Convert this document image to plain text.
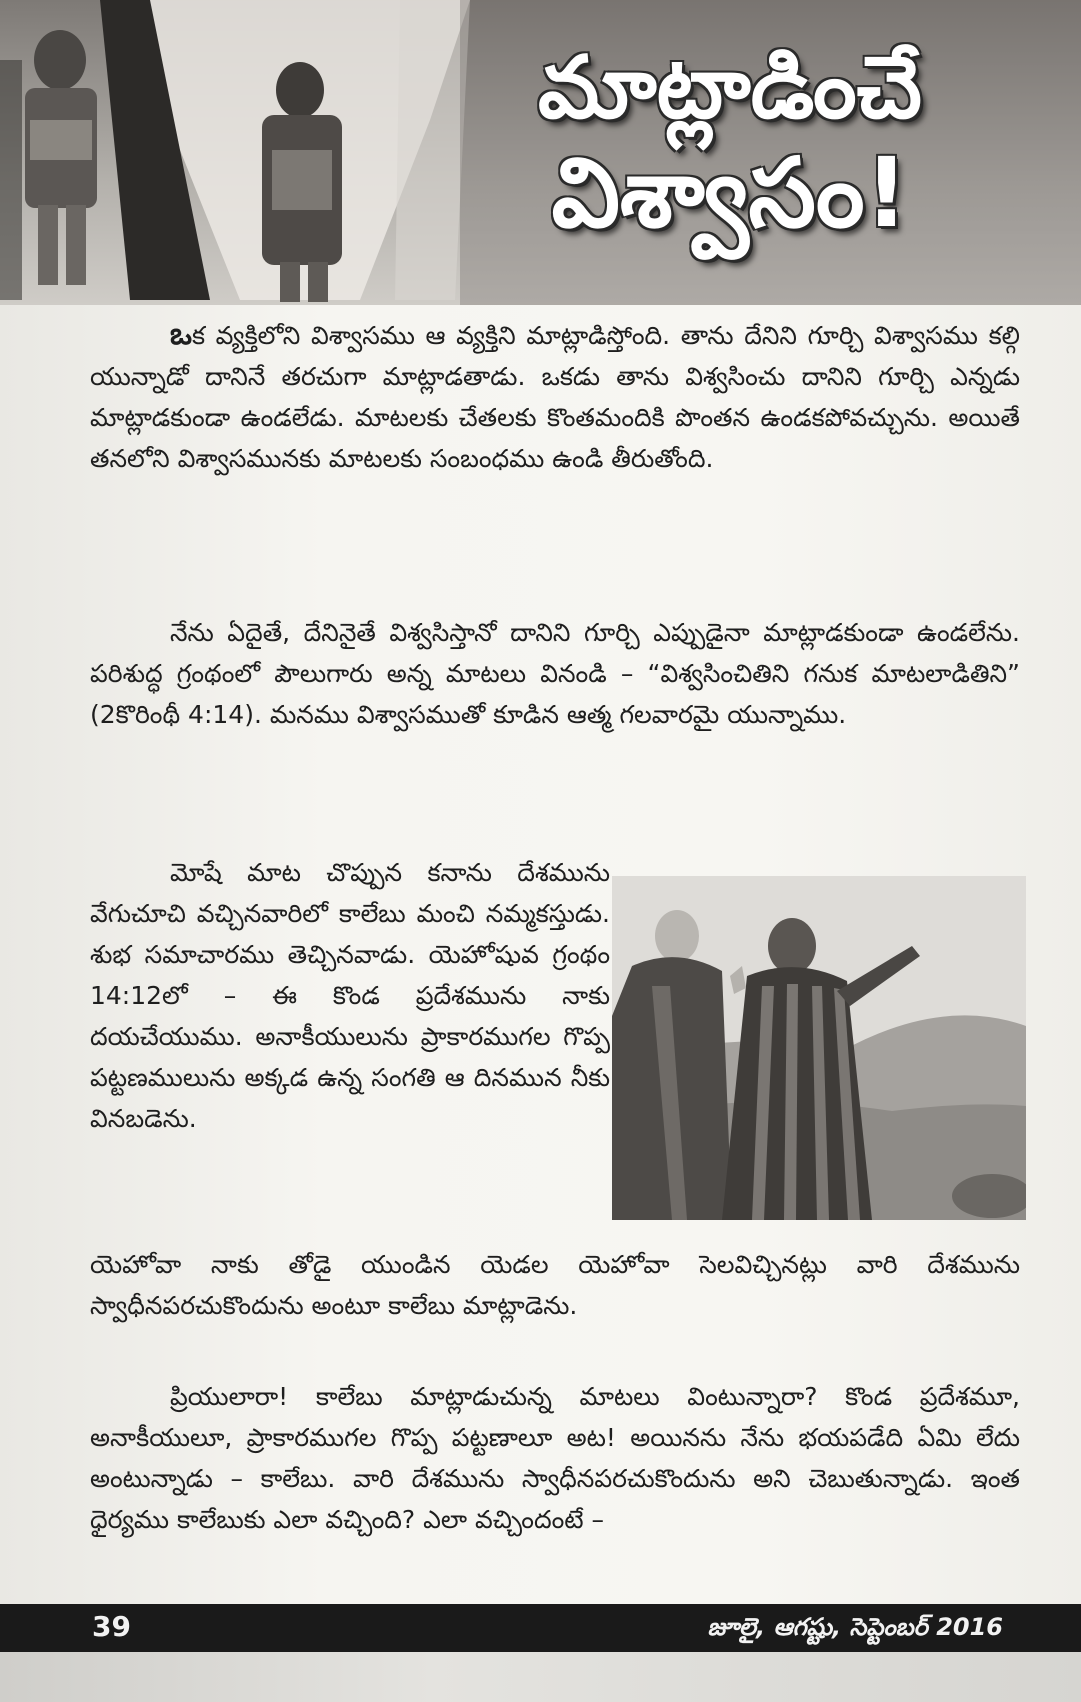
మాట్లాడించే
విశ్వాసం!

ఒక వ్యక్తిలోని విశ్వాసము ఆ వ్యక్తిని మాట్లాడిస్తోంది. తాను దేనిని గూర్చి విశ్వాసము కల్గి యున్నాడో దానినే తరచుగా మాట్లాడతాడు. ఒకడు తాను విశ్వసించు దానిని గూర్చి ఎన్నడు మాట్లాడకుండా ఉండలేడు. మాటలకు చేతలకు కొంతమందికి పొంతన ఉండకపోవచ్చును. అయితే తనలోని విశ్వాసమునకు మాటలకు సంబంధము ఉండి తీరుతోంది.

నేను ఏదైతే, దేనినైతే విశ్వసిస్తానో దానిని గూర్చి ఎప్పుడైనా మాట్లాడకుండా ఉండలేను. పరిశుద్ధ గ్రంథంలో పౌలుగారు అన్న మాటలు వినండి – “విశ్వసించితిని గనుక మాటలాడితిని” (2కొరింథీ 4:14). మనము విశ్వాసముతో కూడిన ఆత్మ గలవారమై యున్నాము.

మోషే మాట చొప్పున కనాను దేశమును వేగుచూచి వచ్చినవారిలో కాలేబు మంచి నమ్మకస్తుడు. శుభ సమాచారము తెచ్చినవాడు. యెహోషువ గ్రంథం 14:12లో – ఈ కొండ ప్రదేశమును నాకు దయచేయుము. అనాకీయులును ప్రాకారముగల గొప్ప పట్టణములును అక్కడ ఉన్న సంగతి ఆ దినమున నీకు వినబడెను.

యెహోవా నాకు తోడై యుండిన యెడల యెహోవా సెలవిచ్చినట్లు వారి దేశమును స్వాధీనపరచుకొందును అంటూ కాలేబు మాట్లాడెను.

ప్రియులారా! కాలేబు మాట్లాడుచున్న మాటలు వింటున్నారా? కొండ ప్రదేశమూ, అనాకీయులూ, ప్రాకారముగల గొప్ప పట్టణాలూ అట! అయినను నేను భయపడేది ఏమి లేదు అంటున్నాడు – కాలేబు. వారి దేశమును స్వాధీనపరచుకొందును అని చెబుతున్నాడు. ఇంత ధైర్యము కాలేబుకు ఎలా వచ్చింది? ఎలా వచ్చిందంటే –

39	జూలై, ఆగష్టు, సెప్టెంబర్ 2016
